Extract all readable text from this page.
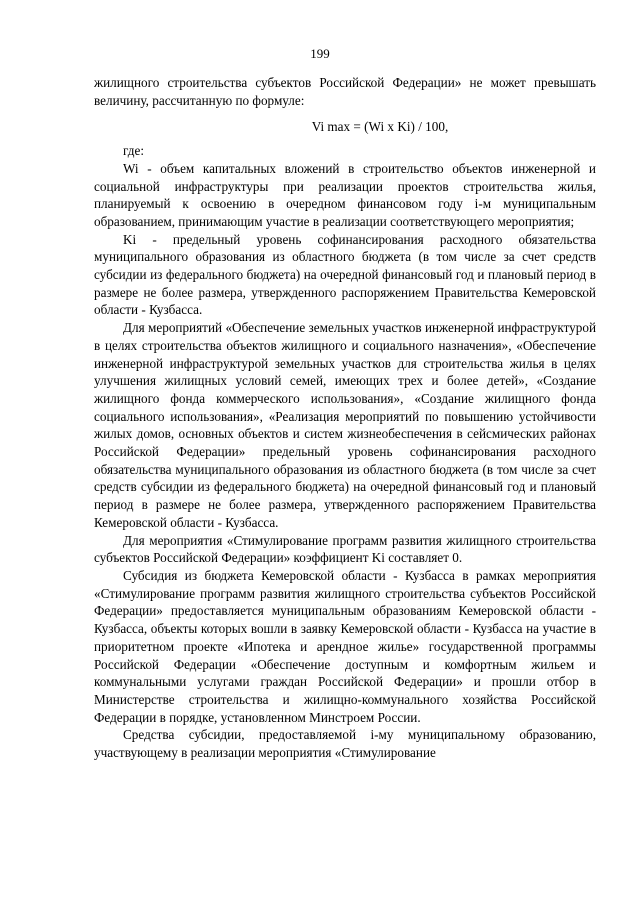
199

жилищного строительства субъектов Российской Федерации» не может превышать величину, рассчитанную по формуле:

Vi max = (Wi x Ki) / 100,

где:

Wi - объем капитальных вложений в строительство объектов инженерной и социальной инфраструктуры при реализации проектов строительства жилья, планируемый к освоению в очередном финансовом году i-м муниципальным образованием, принимающим участие в реализации соответствующего мероприятия;

Ki - предельный уровень софинансирования расходного обязательства муниципального образования из областного бюджета (в том числе за счет средств субсидии из федерального бюджета) на очередной финансовый год и плановый период в размере не более размера, утвержденного распоряжением Правительства Кемеровской области - Кузбасса.

Для мероприятий «Обеспечение земельных участков инженерной инфраструктурой в целях строительства объектов жилищного и социального назначения», «Обеспечение инженерной инфраструктурой земельных участков для строительства жилья в целях улучшения жилищных условий семей, имеющих трех и более детей», «Создание жилищного фонда коммерческого использования», «Создание жилищного фонда социального использования», «Реализация мероприятий по повышению устойчивости жилых домов, основных объектов и систем жизнеобеспечения в сейсмических районах Российской Федерации» предельный уровень софинансирования расходного обязательства муниципального образования из областного бюджета (в том числе за счет средств субсидии из федерального бюджета) на очередной финансовый год и плановый период в размере не более размера, утвержденного распоряжением Правительства Кемеровской области - Кузбасса.

Для мероприятия «Стимулирование программ развития жилищного строительства субъектов Российской Федерации» коэффициент Ki составляет 0.

Субсидия из бюджета Кемеровской области - Кузбасса в рамках мероприятия «Стимулирование программ развития жилищного строительства субъектов Российской Федерации» предоставляется муниципальным образованиям Кемеровской области - Кузбасса, объекты которых вошли в заявку Кемеровской области - Кузбасса на участие в приоритетном проекте «Ипотека и арендное жилье» государственной программы Российской Федерации «Обеспечение доступным и комфортным жильем и коммунальными услугами граждан Российской Федерации» и прошли отбор в Министерстве строительства и жилищно-коммунального хозяйства Российской Федерации в порядке, установленном Минстроем России.

Средства субсидии, предоставляемой i-му муниципальному образованию, участвующему в реализации мероприятия «Стимулирование
